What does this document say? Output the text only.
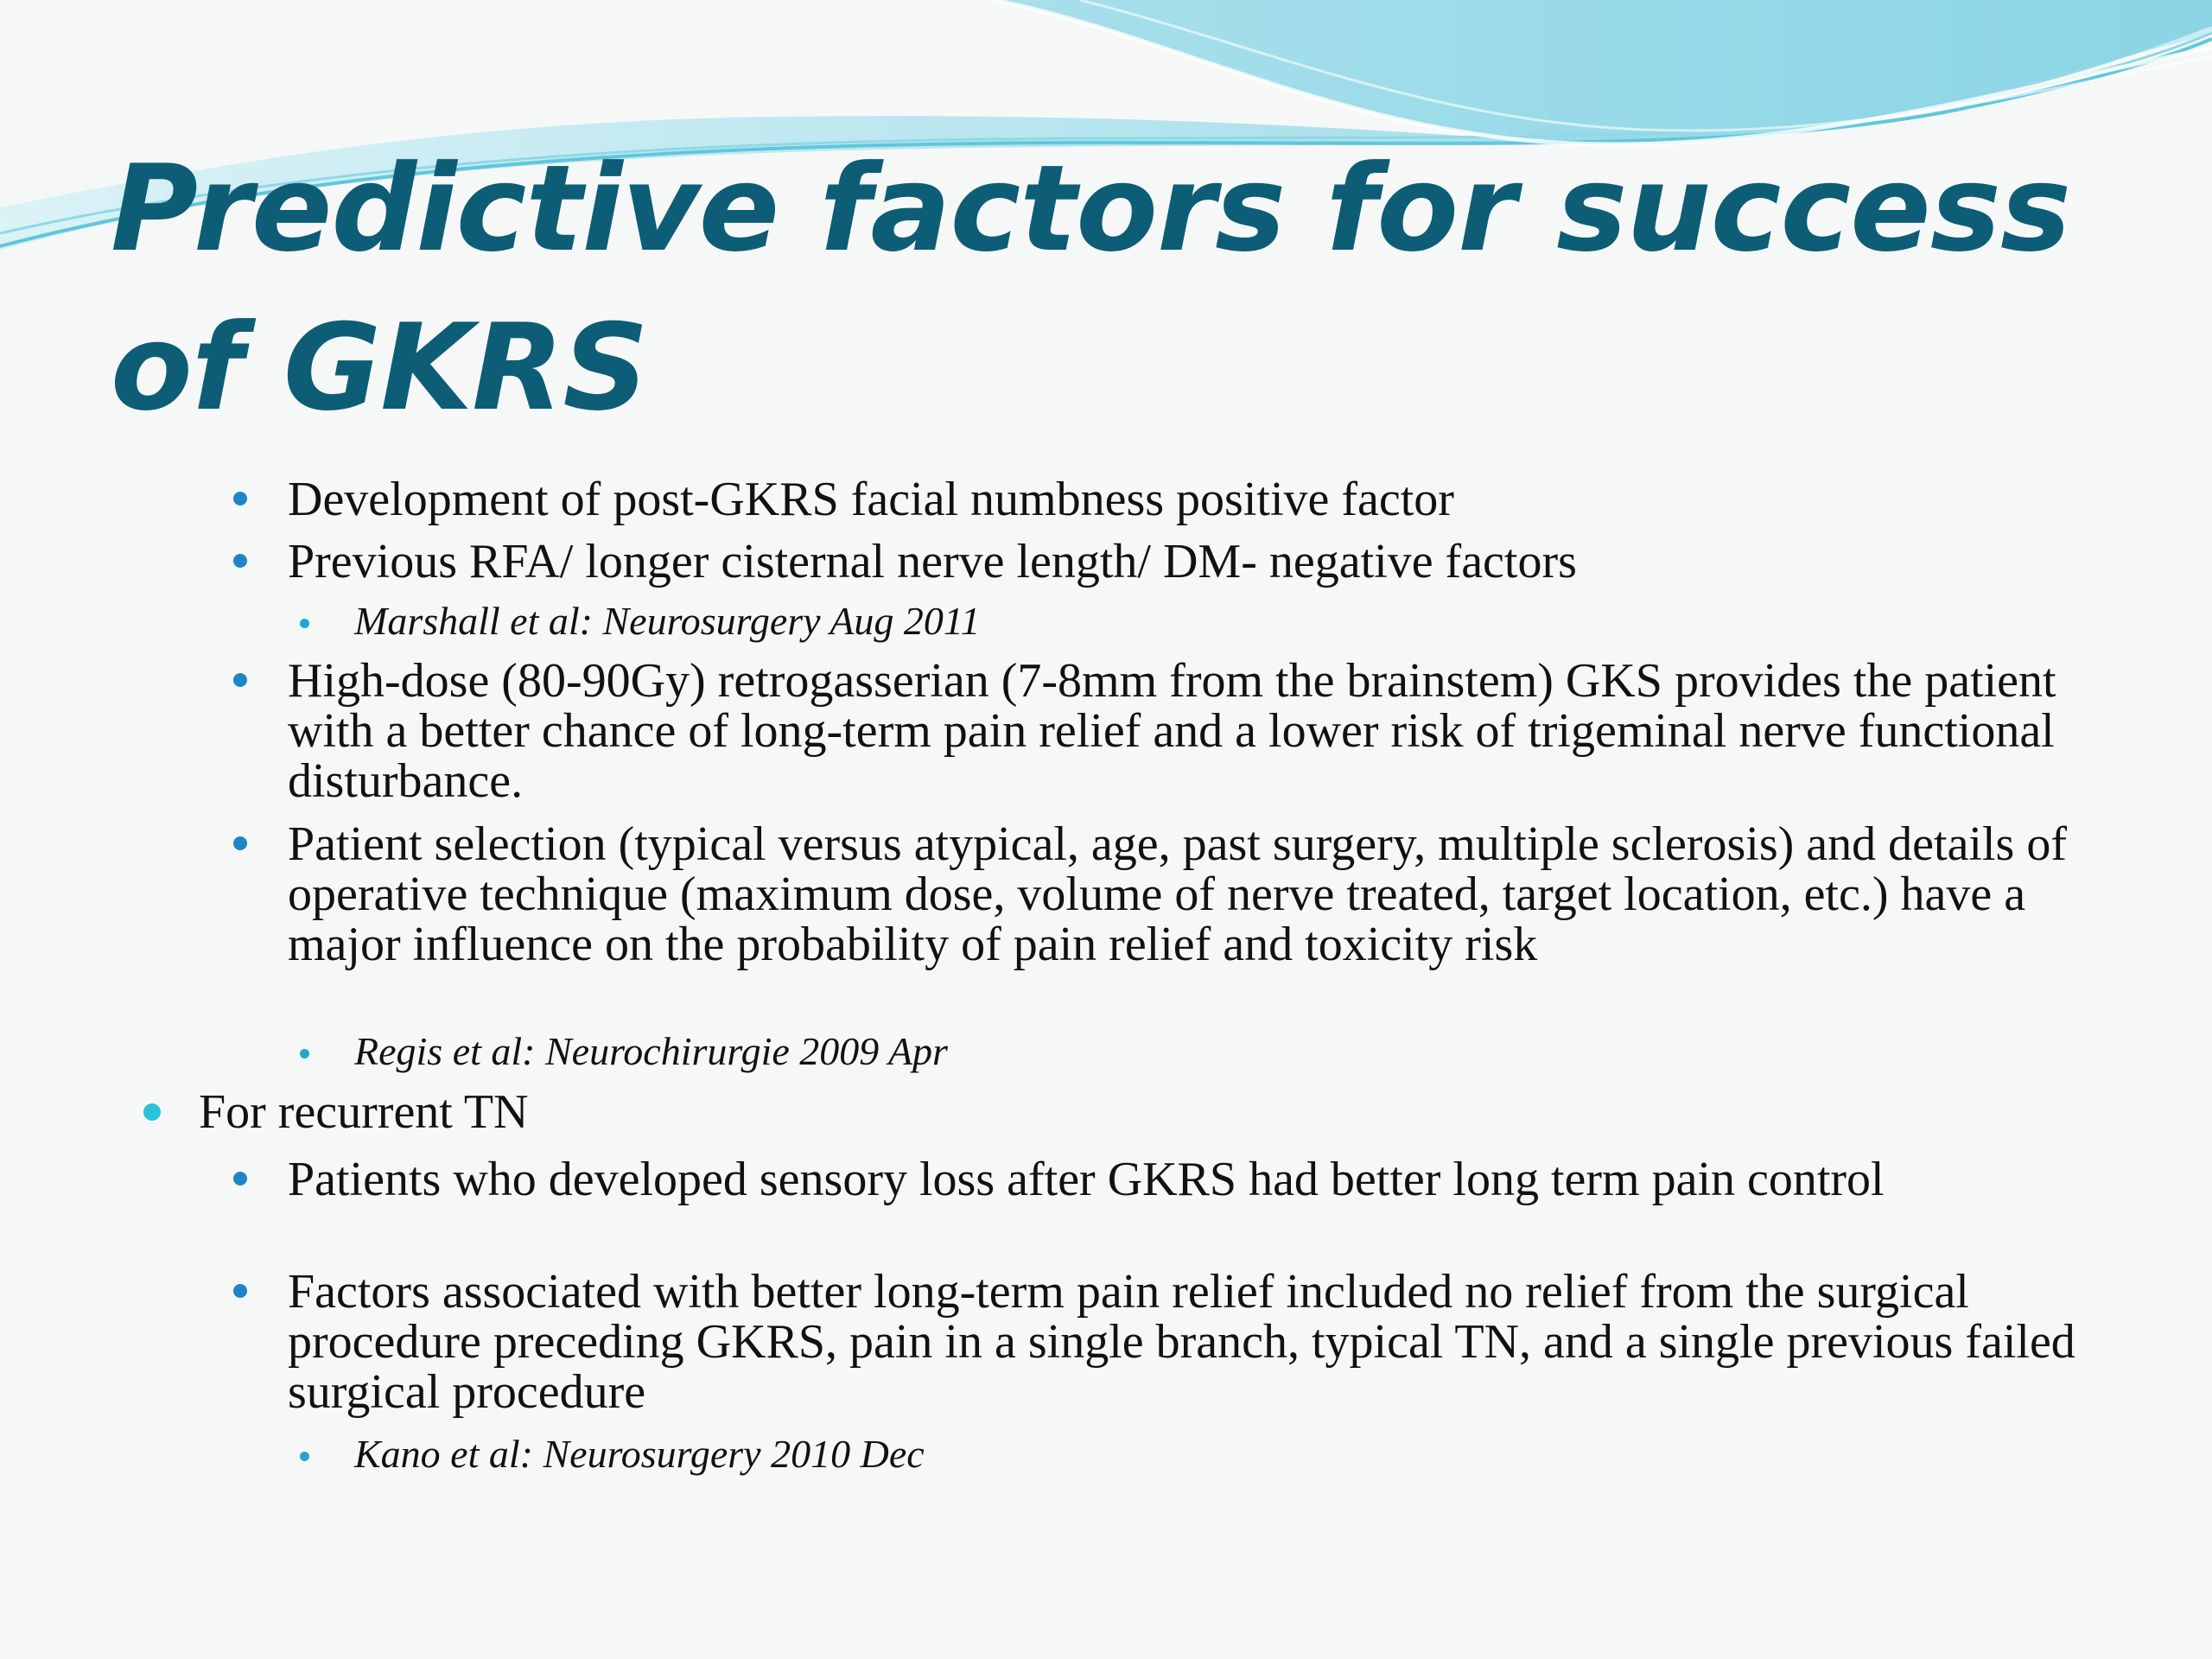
Predictive factors for success of GKRS

Development of post-GKRS facial numbness positive factor

Previous RFA/ longer cisternal nerve length/ DM- negative factors

Marshall et al: Neurosurgery Aug 2011

High-dose (80-90Gy) retrogasserian (7-8mm from the brainstem) GKS provides the patient with a better chance of long-term pain relief and a lower risk of trigeminal nerve functional disturbance.

Patient selection (typical versus atypical, age, past surgery, multiple sclerosis) and details of operative technique (maximum dose, volume of nerve treated, target location, etc.) have a major influence on the probability of pain relief and toxicity risk

Regis et al: Neurochirurgie 2009 Apr

For recurrent TN

Patients who developed sensory loss after GKRS had better long term pain control

Factors associated with better long-term pain relief included no relief from the surgical procedure preceding GKRS, pain in a single branch, typical TN, and a single previous failed surgical procedure

Kano et al: Neurosurgery 2010 Dec
